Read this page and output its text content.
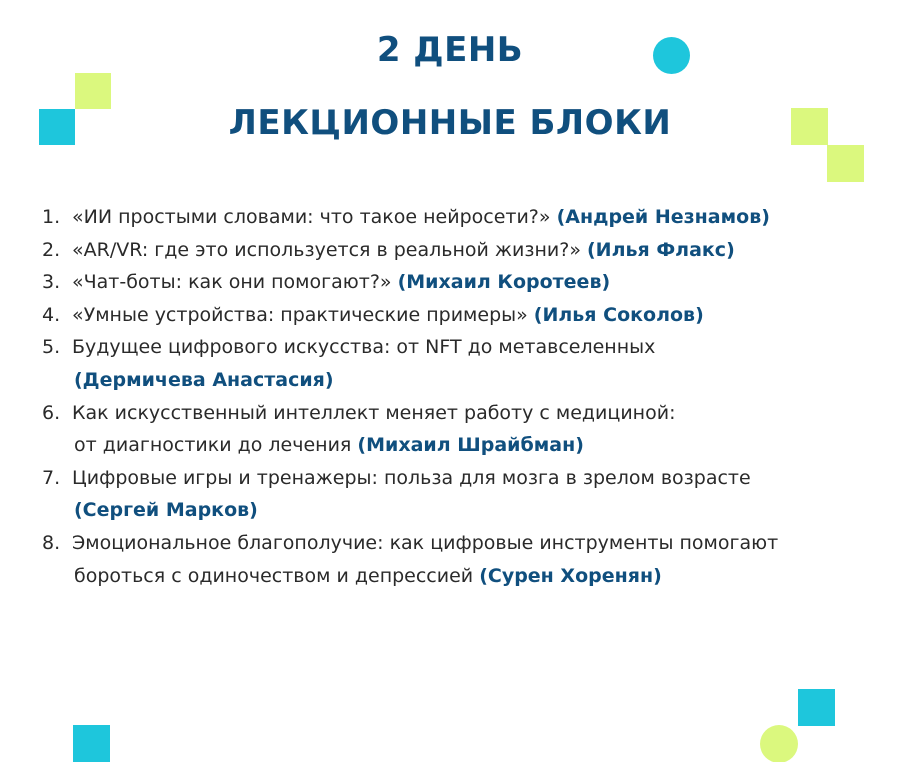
2 ДЕНЬ
ЛЕКЦИОННЫЕ БЛОКИ
1. «ИИ простыми словами: что такое нейросети?» (Андрей Незнамов)
2. «AR/VR: где это используется в реальной жизни?» (Илья Флакс)
3. «Чат-боты: как они помогают?» (Михаил Коротеев)
4. «Умные устройства: практические примеры» (Илья Соколов)
5. Будущее цифрового искусства: от NFT до метавселенных
(Дермичева Анастасия)
6. Как искусственный интеллект меняет работу с медициной:
от диагностики до лечения (Михаил Шрайбман)
7. Цифровые игры и тренажеры: польза для мозга в зрелом возрасте
(Сергей Марков)
8. Эмоциональное благополучие: как цифровые инструменты помогают
бороться с одиночеством и депрессией (Сурен Хоренян)
